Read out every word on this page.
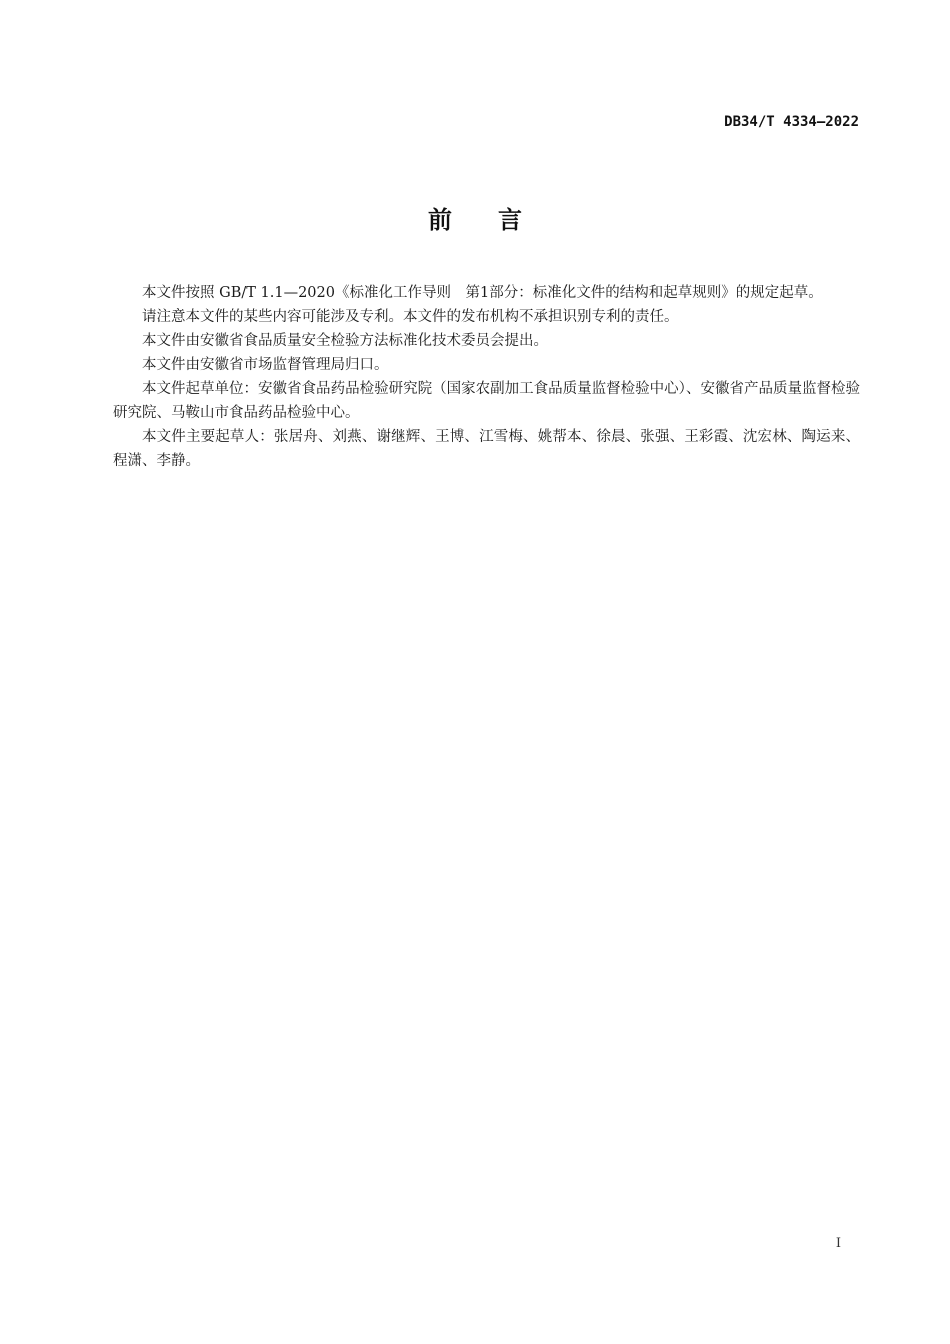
DB34/T 4334—2022
前 言

本文件按照 GB/T 1.1—2020《标准化工作导则　第1部分：标准化文件的结构和起草规则》的规定起草。

请注意本文件的某些内容可能涉及专利。本文件的发布机构不承担识别专利的责任。

本文件由安徽省食品质量安全检验方法标准化技术委员会提出。

本文件由安徽省市场监督管理局归口。

本文件起草单位：安徽省食品药品检验研究院（国家农副加工食品质量监督检验中心）、安徽省产品质量监督检验研究院、马鞍山市食品药品检验中心。

本文件主要起草人：张居舟、刘燕、谢继辉、王博、江雪梅、姚帮本、徐晨、张强、王彩霞、沈宏林、陶运来、程潇、李静。

I
